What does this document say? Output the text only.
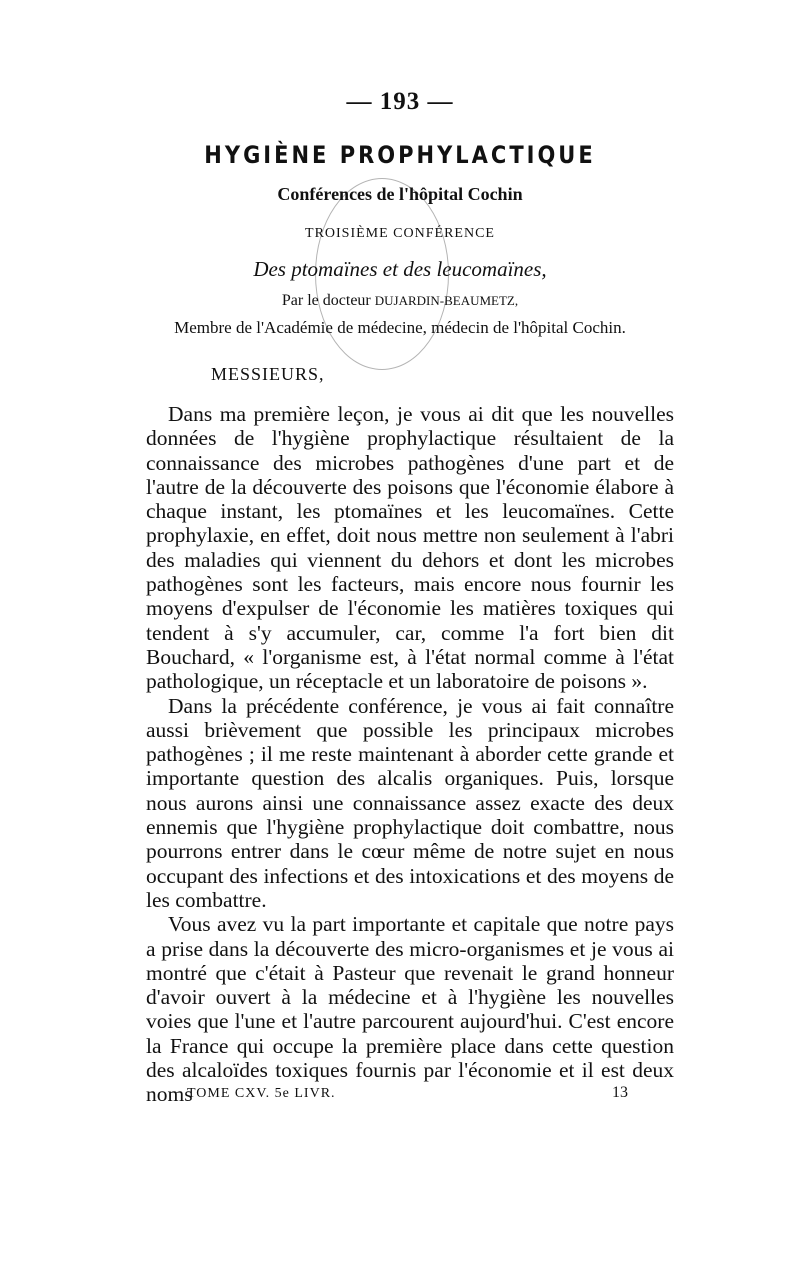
— 193 —
HYGIÈNE PROPHYLACTIQUE
Conférences de l'hôpital Cochin
TROISIÈME CONFÉRENCE
Des ptomaïnes et des leucomaïnes,
Par le docteur DUJARDIN-BEAUMETZ,
Membre de l'Académie de médecine, médecin de l'hôpital Cochin.
MESSIEURS,

Dans ma première leçon, je vous ai dit que les nouvelles données de l'hygiène prophylactique résultaient de la connaissance des microbes pathogènes d'une part et de l'autre de la découverte des poisons que l'économie élabore à chaque instant, les ptomaïnes et les leucomaïnes. Cette prophylaxie, en effet, doit nous mettre non seulement à l'abri des maladies qui viennent du dehors et dont les microbes pathogènes sont les facteurs, mais encore nous fournir les moyens d'expulser de l'économie les matières toxiques qui tendent à s'y accumuler, car, comme l'a fort bien dit Bouchard, « l'organisme est, à l'état normal comme à l'état pathologique, un réceptacle et un laboratoire de poisons ».

Dans la précédente conférence, je vous ai fait connaître aussi brièvement que possible les principaux microbes pathogènes ; il me reste maintenant à aborder cette grande et importante question des alcalis organiques. Puis, lorsque nous aurons ainsi une connaissance assez exacte des deux ennemis que l'hygiène prophylactique doit combattre, nous pourrons entrer dans le cœur même de notre sujet en nous occupant des infections et des intoxications et des moyens de les combattre.

Vous avez vu la part importante et capitale que notre pays a prise dans la découverte des micro-organismes et je vous ai montré que c'était à Pasteur que revenait le grand honneur d'avoir ouvert à la médecine et à l'hygiène les nouvelles voies que l'une et l'autre parcourent aujourd'hui. C'est encore la France qui occupe la première place dans cette question des alcaloïdes toxiques fournis par l'économie et il est deux noms

TOME CXV. 5e LIVR.	13
